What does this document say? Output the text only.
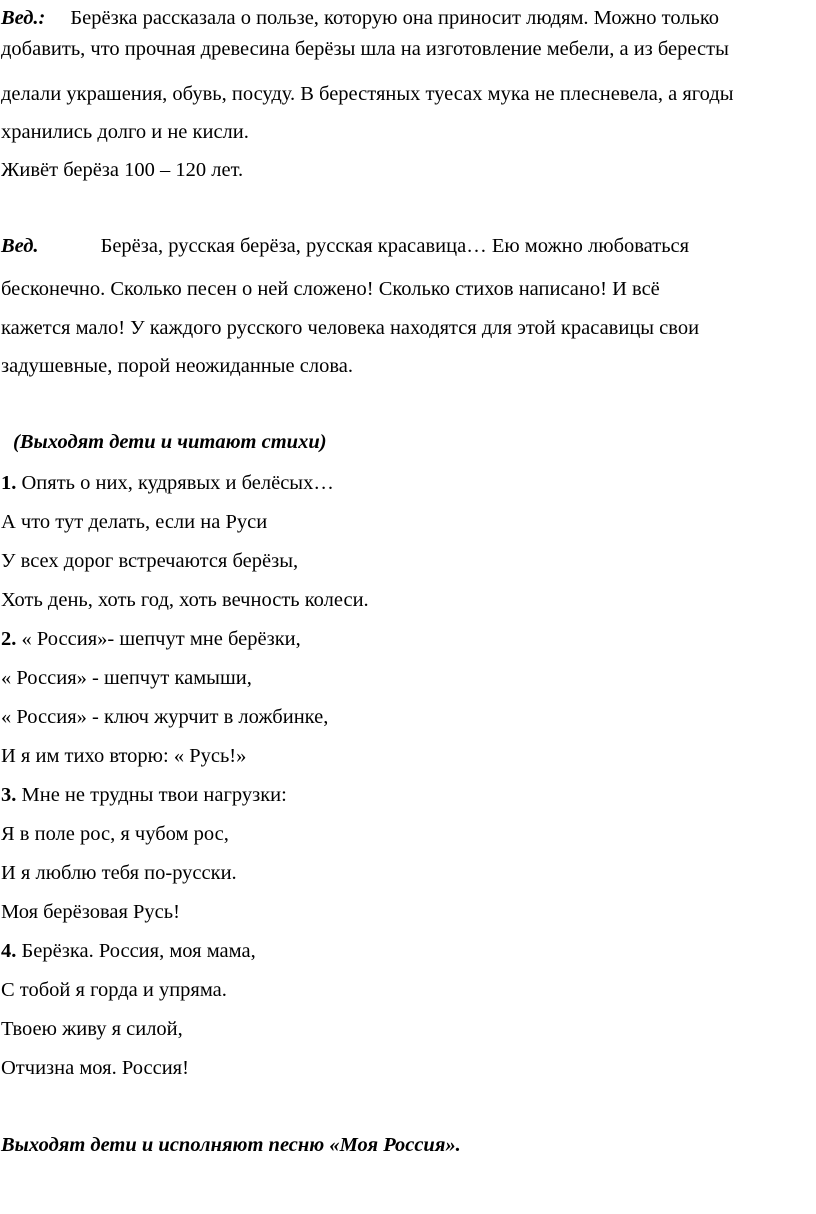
Вед.: Берёзка рассказала о пользе, которую она приносит людям. Можно только
добавить, что прочная древесина берёзы шла на изготовление мебели, а из бересты
делали украшения, обувь, посуду. В берестяных туесах мука не плесневела, а ягоды
хранились долго и не кисли.
Живёт берёза 100 – 120 лет.
Вед.	Берёза, русская берёза, русская красавица… Ею можно любоваться
бесконечно. Сколько песен о ней сложено! Сколько стихов написано! И всё
кажется мало! У каждого русского человека находятся для этой красавицы свои
задушевные, порой неожиданные слова.
(Выходят дети и читают стихи)
1. Опять о них, кудрявых и белёсых…
А что тут делать, если на Руси
У всех дорог встречаются берёзы,
Хоть день, хоть год, хоть вечность колеси.
2. « Россия»- шепчут мне берёзки,
« Россия» - шепчут камыши,
« Россия» - ключ журчит в ложбинке,
И я им тихо вторю: « Русь!»
3. Мне не трудны твои нагрузки:
Я в поле рос, я чубом рос,
И я люблю тебя по-русски.
Моя берёзовая Русь!
4. Берёзка. Россия, моя мама,
С тобой я горда и упряма.
Твоею живу я силой,
Отчизна моя. Россия!
Выходят дети и исполняют песню «Моя Россия».
